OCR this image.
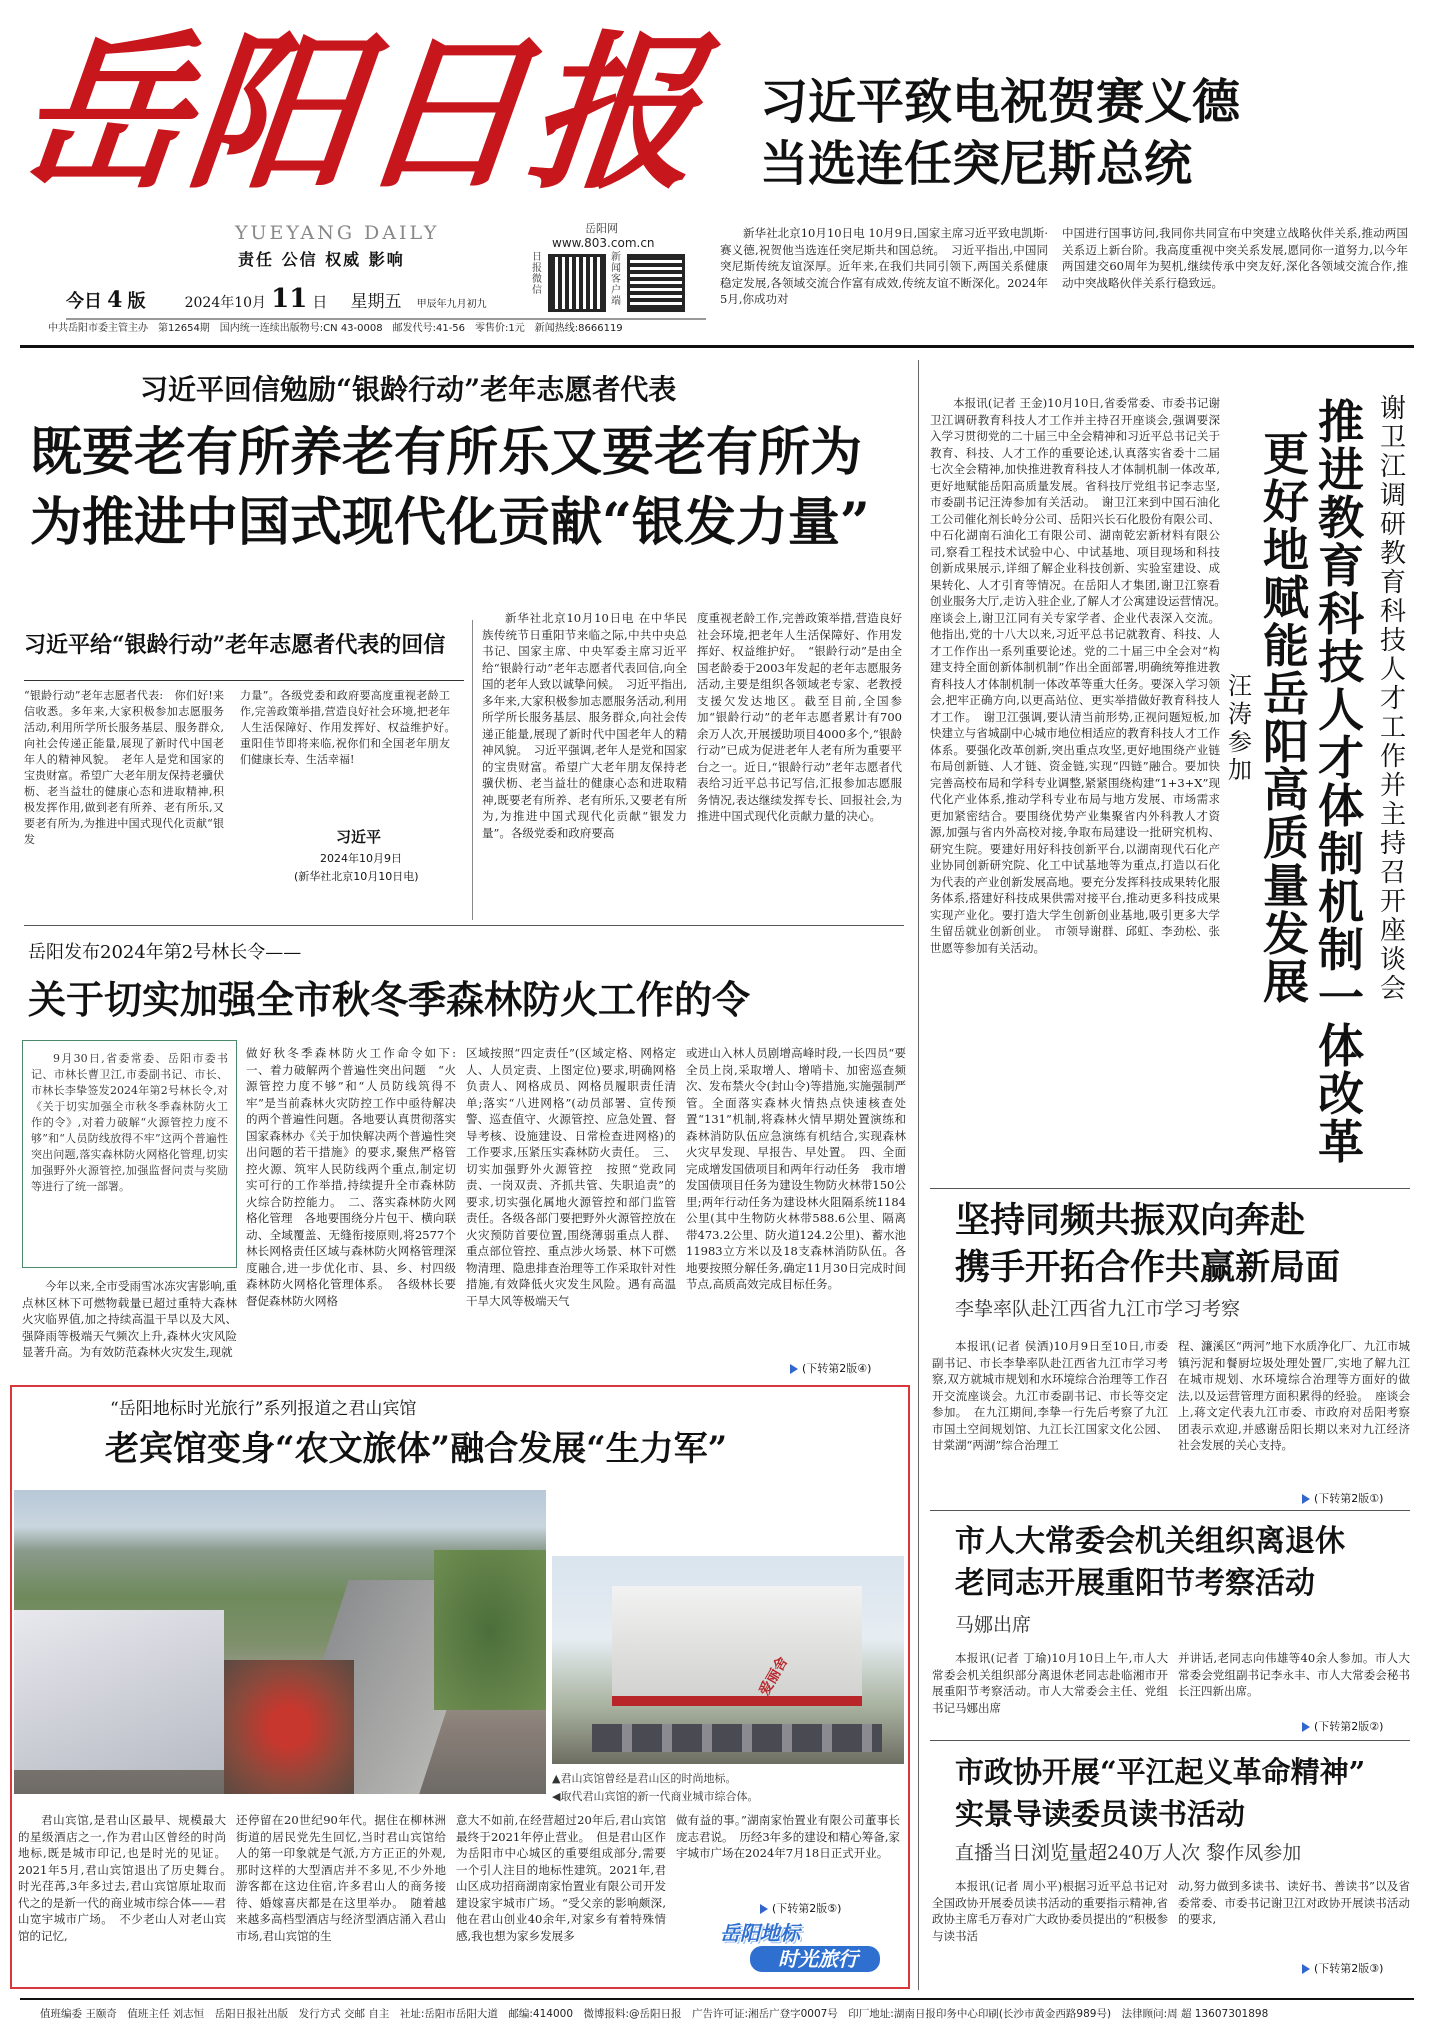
岳阳日报
YUEYANG DAILY
责任 公信 权威 影响
岳阳网
www.803.com.cn
日报微信
新闻客户端
今日 4 版	2024年10月 11 日 星期五 甲辰年九月初九
中共岳阳市委主管主办　第12654期　国内统一连续出版物号:CN 43-0008　邮发代号:41-56　零售价:1元　新闻热线:8666119
习近平致电祝贺赛义德
当选连任突尼斯总统
新华社北京10月10日电 10月9日,国家主席习近平致电凯斯·赛义德,祝贺他当选连任突尼斯共和国总统。　习近平指出,中国同突尼斯传统友谊深厚。近年来,在我们共同引领下,两国关系健康稳定发展,各领域交流合作富有成效,传统友谊不断深化。2024年5月,你成功对
中国进行国事访问,我同你共同宣布中突建立战略伙伴关系,推动两国关系迈上新台阶。我高度重视中突关系发展,愿同你一道努力,以今年两国建交60周年为契机,继续传承中突友好,深化各领域交流合作,推动中突战略伙伴关系行稳致远。
习近平回信勉励“银龄行动”老年志愿者代表
既要老有所养老有所乐又要老有所为
为推进中国式现代化贡献“银发力量”
习近平给“银龄行动”老年志愿者代表的回信
“银龄行动”老年志愿者代表:　你们好!来信收悉。多年来,大家积极参加志愿服务活动,利用所学所长服务基层、服务群众,向社会传递正能量,展现了新时代中国老年人的精神风貌。　老年人是党和国家的宝贵财富。希望广大老年朋友保持老骥伏枥、老当益壮的健康心态和进取精神,积极发挥作用,做到老有所养、老有所乐,又要老有所为,为推进中国式现代化贡献“银发
力量”。各级党委和政府要高度重视老龄工作,完善政策举措,营造良好社会环境,把老年人生活保障好、作用发挥好、权益维护好。　重阳佳节即将来临,祝你们和全国老年朋友们健康长寿、生活幸福!
习近平
2024年10月9日
(新华社北京10月10日电)
新华社北京10月10日电 在中华民族传统节日重阳节来临之际,中共中央总书记、国家主席、中央军委主席习近平给“银龄行动”老年志愿者代表回信,向全国的老年人致以诚挚问候。　习近平指出,多年来,大家积极参加志愿服务活动,利用所学所长服务基层、服务群众,向社会传递正能量,展现了新时代中国老年人的精神风貌。　习近平强调,老年人是党和国家的宝贵财富。希望广大老年朋友保持老骥伏枥、老当益壮的健康心态和进取精神,既要老有所养、老有所乐,又要老有所为,为推进中国式现代化贡献“银发力量”。各级党委和政府要高
度重视老龄工作,完善政策举措,营造良好社会环境,把老年人生活保障好、作用发挥好、权益维护好。　“银龄行动”是由全国老龄委于2003年发起的老年志愿服务活动,主要是组织各领域老专家、老教授支援欠发达地区。截至目前,全国参加“银龄行动”的老年志愿者累计有700余万人次,开展援助项目4000多个,“银龄行动”已成为促进老年人老有所为重要平台之一。近日,“银龄行动”老年志愿者代表给习近平总书记写信,汇报参加志愿服务情况,表达继续发挥专长、回报社会,为推进中国式现代化贡献力量的决心。
岳阳发布2024年第2号林长令——
关于切实加强全市秋冬季森林防火工作的令
9月30日,省委常委、岳阳市委书记、市林长曹卫江,市委副书记、市长、市林长李挚签发2024年第2号林长令,对《关于切实加强全市秋冬季森林防火工作的令》,对着力破解“火源管控力度不够”和“人员防线放得不牢”这两个普遍性突出问题,落实森林防火网格化管理,切实加强野外火源管控,加强监督问责与奖励等进行了统一部署。
今年以来,全市受雨雪冰冻灾害影响,重点林区林下可燃物载量已超过重特大森林火灾临界值,加之持续高温干旱以及大风、强降雨等极端天气频次上升,森林火灾风险显著升高。为有效防范森林火灾发生,现就
做好秋冬季森林防火工作命令如下:　一、着力破解两个普遍性突出问题　“火源管控力度不够”和“人员防线筑得不牢”是当前森林火灾防控工作中亟待解决的两个普遍性问题。各地要认真贯彻落实国家森林办《关于加快解决两个普遍性突出问题的若干措施》的要求,聚焦严格管控火源、筑牢人民防线两个重点,制定切实可行的工作举措,持续提升全市森林防火综合防控能力。　二、落实森林防火网格化管理　各地要围绕分片包干、横向联动、全域覆盖、无缝衔接原则,将2577个林长网格责任区域与森林防火网格管理深度融合,进一步优化市、县、乡、村四级森林防火网格化管理体系。　各级林长要督促森林防火网格
区域按照“四定责任”(区域定格、网格定人、人员定责、上图定位)要求,明确网格负责人、网格成员、网格员履职责任清单;落实“八进网格”(动员部署、宣传预警、巡查值守、火源管控、应急处置、督导考核、设施建设、日常检查进网格)的工作要求,压紧压实森林防火责任。　三、切实加强野外火源管控　按照“党政同责、一岗双责、齐抓共管、失职追责”的要求,切实强化属地火源管控和部门监管责任。各级各部门要把野外火源管控放在火灾预防首要位置,围绕薄弱重点人群、重点部位管控、重点涉火场景、林下可燃物清理、隐患排查治理等工作采取针对性措施,有效降低火灾发生风险。遇有高温干旱大风等极端天气
或进山入林人员剧增高峰时段,一长四员“要全员上岗,采取增人、增哨卡、加密巡查频次、发布禁火令(封山令)等措施,实施强制严管。全面落实森林火情热点快速核查处置“131”机制,将森林火情早期处置演练和森林消防队伍应急演练有机结合,实现森林火灾早发现、早报告、早处置。　四、全面完成增发国债项目和两年行动任务　我市增发国债项目任务为建设生物防火林带150公里;两年行动任务为建设林火阻隔系统1184公里(其中生物防火林带588.6公里、隔离带473.2公里、防火道124.2公里)、蓄水池11983立方米以及18支森林消防队伍。各地要按照分解任务,确定11月30日完成时间节点,高质高效完成目标任务。
(下转第2版④)
“岳阳地标时光旅行”系列报道之君山宾馆
老宾馆变身“农文旅体”融合发展“生力军”
爱丽舍
▲君山宾馆曾经是君山区的时尚地标。
◀取代君山宾馆的新一代商业城市综合体。
君山宾馆,是君山区最早、规模最大的星级酒店之一,作为君山区曾经的时尚地标,既是城市印记,也是时光的见证。2021年5月,君山宾馆退出了历史舞台。　时光荏苒,3年多过去,君山宾馆原址取而代之的是新一代的商业城市综合体——君山宽宇城市广场。　不少老山人对老山宾馆的记忆,
还停留在20世纪90年代。据住在柳林洲街道的居民党先生回忆,当时君山宾馆给人的第一印象就是气派,方方正正的外观,那时这样的大型酒店并不多见,不少外地游客都在这边住宿,许多君山人的商务接待、婚嫁喜庆都是在这里举办。　随着越来越多高档型酒店与经济型酒店涌入君山市场,君山宾馆的生
意大不如前,在经营超过20年后,君山宾馆最终于2021年停止营业。　但是君山区作为岳阳市中心城区的重要组成部分,需要一个引人注目的地标性建筑。2021年,君山区成功招商湖南家怡置业有限公司开发建设家宇城市广场。“受父亲的影响颇深,他在君山创业40余年,对家乡有着特殊情感,我也想为家乡发展多
做有益的事。”湖南家怡置业有限公司董事长庞志君说。　历经3年多的建设和精心筹备,家宇城市广场在2024年7月18日正式开业。
(下转第2版⑤)
岳阳地标
时光旅行
本报讯(记者 王金)10月10日,省委常委、市委书记谢卫江调研教育科技人才工作并主持召开座谈会,强调要深入学习贯彻党的二十届三中全会精神和习近平总书记关于教育、科技、人才工作的重要论述,认真落实省委十二届七次全会精神,加快推进教育科技人才体制机制一体改革,更好地赋能岳阳高质量发展。省科技厅党组书记李志坚,市委副书记汪涛参加有关活动。　谢卫江来到中国石油化工公司催化剂长岭分公司、岳阳兴长石化股份有限公司、中石化湖南石油化工有限公司、湖南乾宏新材料有限公司,察看工程技术试验中心、中试基地、项目现场和科技创新成果展示,详细了解企业科技创新、实验室建设、成果转化、人才引育等情况。在岳阳人才集团,谢卫江察看创业服务大厅,走访入驻企业,了解人才公寓建设运营情况。　座谈会上,谢卫江同有关专家学者、企业代表深入交流。他指出,党的十八大以来,习近平总书记就教育、科技、人才工作作出一系列重要论述。党的二十届三中全会对“构建支持全面创新体制机制”作出全面部署,明确统筹推进教育科技人才体制机制一体改革等重大任务。要深入学习领会,把牢正确方向,以更高站位、更实举措做好教育科技人才工作。　谢卫江强调,要认清当前形势,正视问题短板,加快建立与省城副中心城市地位相适应的教育科技人才工作体系。要强化改革创新,突出重点攻坚,更好地围绕产业链布局创新链、人才链、资金链,实现“四链”融合。要加快完善高校布局和学科专业调整,紧紧围绕构建“1+3+X”现代化产业体系,推动学科专业布局与地方发展、市场需求更加紧密结合。要围绕优势产业集聚省内外科教人才资源,加强与省内外高校对接,争取布局建设一批研究机构、研究生院。要建好用好科技创新平台,以湖南现代石化产业协同创新研究院、化工中试基地等为重点,打造以石化为代表的产业创新发展高地。要充分发挥科技成果转化服务体系,搭建好科技成果供需对接平台,推动更多科技成果实现产业化。要打造大学生创新创业基地,吸引更多大学生留岳就业创新创业。　市领导谢群、邱虹、李劲松、张世愿等参加有关活动。
推进教育科技人才体制机制一体改革
更好地赋能岳阳高质量发展
谢卫江调研教育科技人才工作并主持召开座谈会
汪涛参加
坚持同频共振双向奔赴
携手开拓合作共赢新局面
李挚率队赴江西省九江市学习考察
本报讯(记者 侯洒)10月9日至10日,市委副书记、市长李挚率队赴江西省九江市学习考察,双方就城市规划和水环境综合治理等工作召开交流座谈会。九江市委副书记、市长等交定参加。　在九江期间,李挚一行先后考察了九江市国土空间规划馆、九江长江国家文化公园、甘棠湖“两湖”综合治理工
程、濂溪区“两河”地下水质净化厂、九江市城镇污泥和餐厨垃圾处理处置厂,实地了解九江在城市规划、水环境综合治理等方面好的做法,以及运营管理方面积累得的经验。　座谈会上,蒋文定代表九江市委、市政府对岳阳考察团表示欢迎,并感谢岳阳长期以来对九江经济社会发展的关心支持。
(下转第2版①)
市人大常委会机关组织离退休
老同志开展重阳节考察活动
马娜出席
本报讯(记者 丁瑜)10月10日上午,市人大常委会机关组织部分离退休老同志赴临湘市开展重阳节考察活动。市人大常委会主任、党组书记马娜出席
并讲话,老同志向伟雄等40余人参加。市人大常委会党组副书记李永丰、市人大常委会秘书长汪四新出席。
(下转第2版②)
市政协开展“平江起义革命精神”
实景导读委员读书活动
直播当日浏览量超240万人次 黎作凤参加
本报讯(记者 周小平)根据习近平总书记对全国政协开展委员读书活动的重要指示精神,省政协主席毛万春对广大政协委员提出的“积极参与读书活
动,努力做到多读书、读好书、善读书”以及省委常委、市委书记谢卫江对政协开展读书活动的要求,
(下转第2版③)
值班编委 王颐奇　值班主任 刘志恒　岳阳日报社出版　发行方式 交邮 自主　社址:岳阳市岳阳大道　邮编:414000　微博报料:@岳阳日报　广告许可证:湘岳广登字0007号　印厂地址:湖南日报印务中心印刷(长沙市黄金西路989号)　法律顾问:周 超 13607301898
